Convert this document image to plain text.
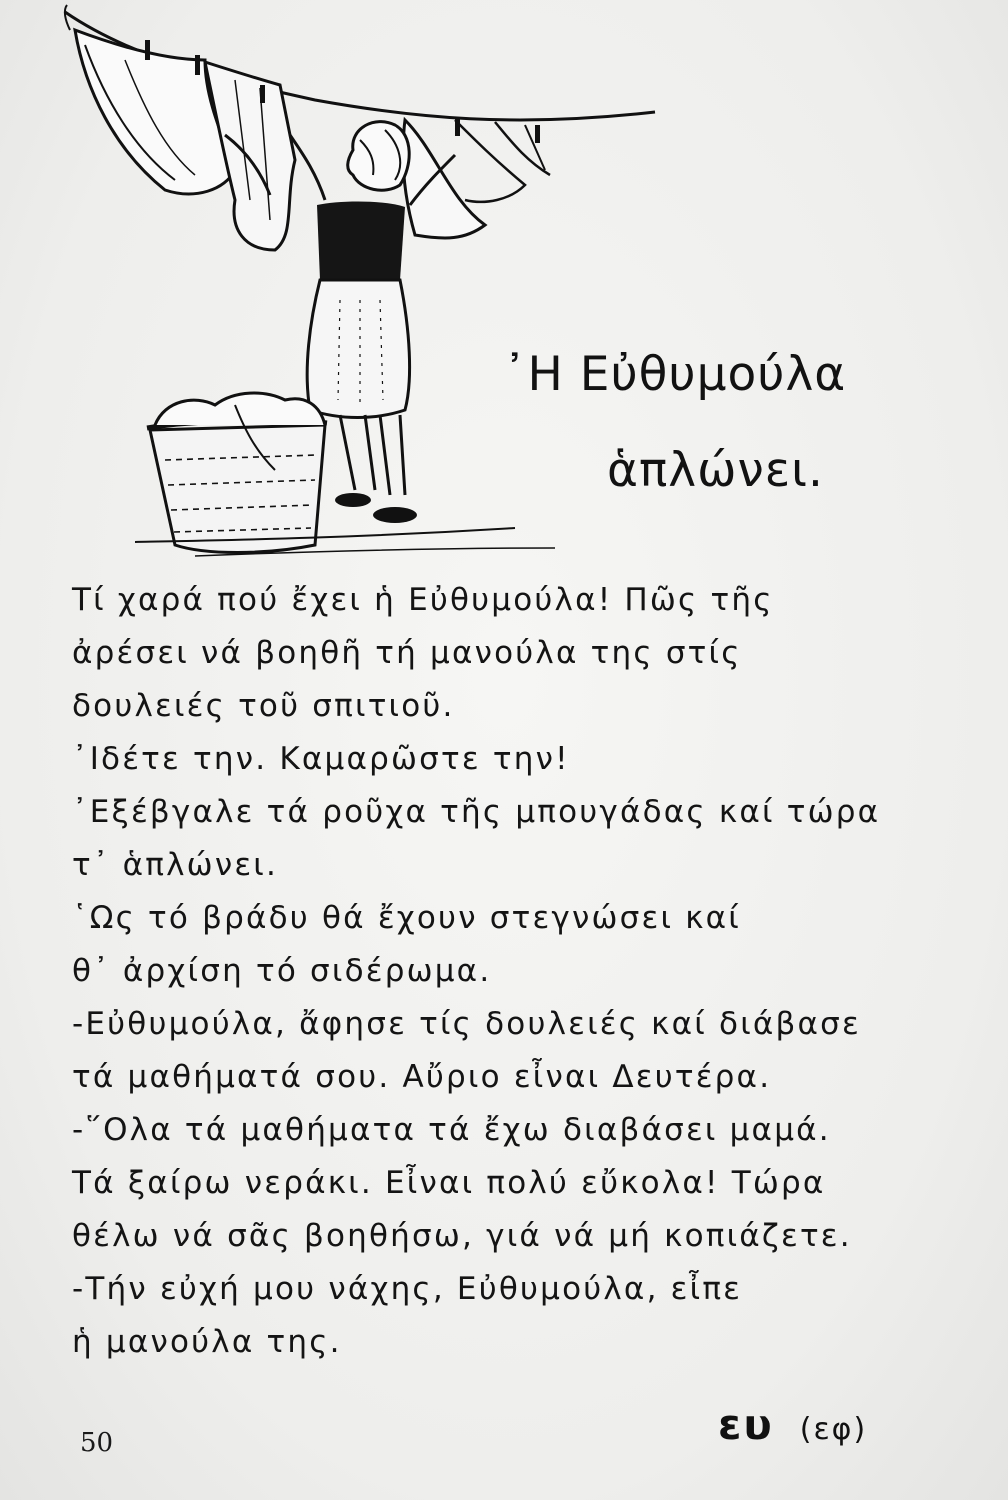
᾿Η Εὐθυμούλα
ἁπλώνει.
Τί χαρά πού ἔχει ἡ Εὐθυμούλα! Πῶς τῆς
ἀρέσει νά βοηθῆ τή μανούλα της στίς
δουλειές τοῦ σπιτιοῦ.
᾿Ιδέτε την. Καμαρῶστε την!
᾿Εξέβγαλε τά ροῦχα τῆς μπουγάδας καί τώρα
τ᾿ ἁπλώνει.
῾Ως τό βράδυ θά ἔχουν στεγνώσει καί
θ᾿ ἀρχίση τό σιδέρωμα.
-Εὐθυμούλα, ἄφησε τίς δουλειές καί διάβασε
τά μαθήματά σου. Αὔριο εἶναι Δευτέρα.
-῞Ολα τά μαθήματα τά ἔχω διαβάσει μαμά.
Τά ξαίρω νεράκι. Εἶναι πολύ εὔκολα! Τώρα
θέλω νά σᾶς βοηθήσω, γιά νά μή κοπιάζετε.
-Τήν εὐχή μου νάχης, Εὐθυμούλα, εἶπε
ἡ μανούλα της.
50	ευ (εφ)
